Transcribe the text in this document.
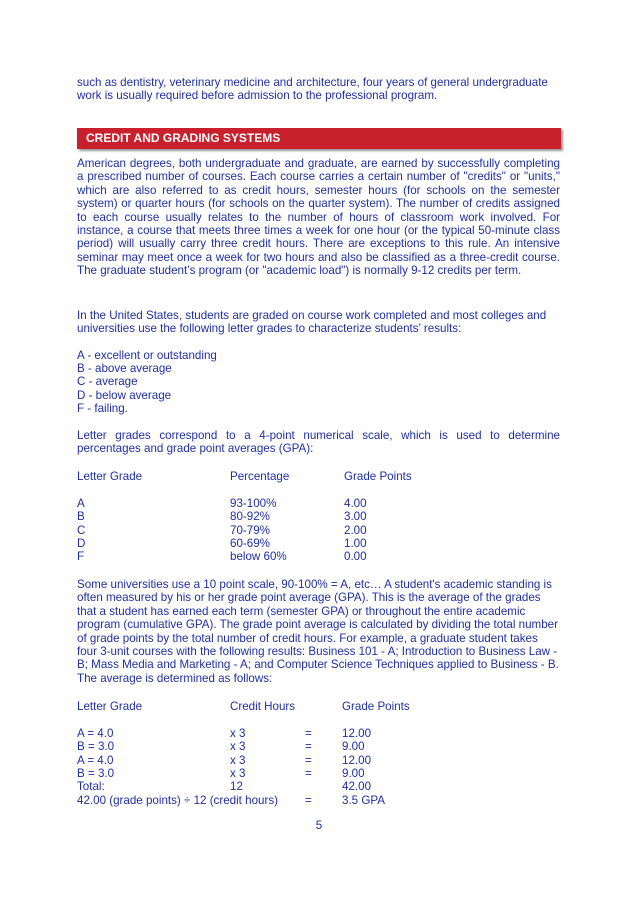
such as dentistry, veterinary medicine and architecture, four years of general undergraduate work is usually required before admission to the professional program.

CREDIT AND GRADING SYSTEMS

American degrees, both undergraduate and graduate, are earned by successfully completing a prescribed number of courses. Each course carries a certain number of "credits" or "units," which are also referred to as credit hours, semester hours (for schools on the semester system) or quarter hours (for schools on the quarter system). The number of credits assigned to each course usually relates to the number of hours of classroom work involved. For instance, a course that meets three times a week for one hour (or the typical 50-minute class period) will usually carry three credit hours. There are exceptions to this rule. An intensive seminar may meet once a week for two hours and also be classified as a three-credit course. The graduate student’s program (or "academic load") is normally 9-12 credits per term.

In the United States, students are graded on course work completed and most colleges and universities use the following letter grades to characterize students’ results:

A - excellent or outstanding
B - above average
C - average
D - below average
F - failing.

Letter grades correspond to a 4-point numerical scale, which is used to determine percentages and grade point averages (GPA):

Letter Grade	Percentage	Grade Points

A	93-100%	4.00
B	80-92%	3.00
C	70-79%	2.00
D	60-69%	1.00
F	below 60%	0.00

Some universities use a 10 point scale, 90-100% = A, etc… A student's academic standing is often measured by his or her grade point average (GPA). This is the average of the grades that a student has earned each term (semester GPA) or throughout the entire academic program (cumulative GPA). The grade point average is calculated by dividing the total number of grade points by the total number of credit hours. For example, a graduate student takes four 3-unit courses with the following results: Business 101 - A; Introduction to Business Law - B; Mass Media and Marketing - A; and Computer Science Techniques applied to Business - B. The average is determined as follows:

Letter Grade	Credit Hours		Grade Points

A = 4.0	x 3	=	12.00
B = 3.0	x 3	=	9.00
A = 4.0	x 3	=	12.00
B = 3.0	x 3	=	9.00
Total:	12		42.00
42.00 (grade points) ÷ 12 (credit hours)		=	3.5 GPA
5
